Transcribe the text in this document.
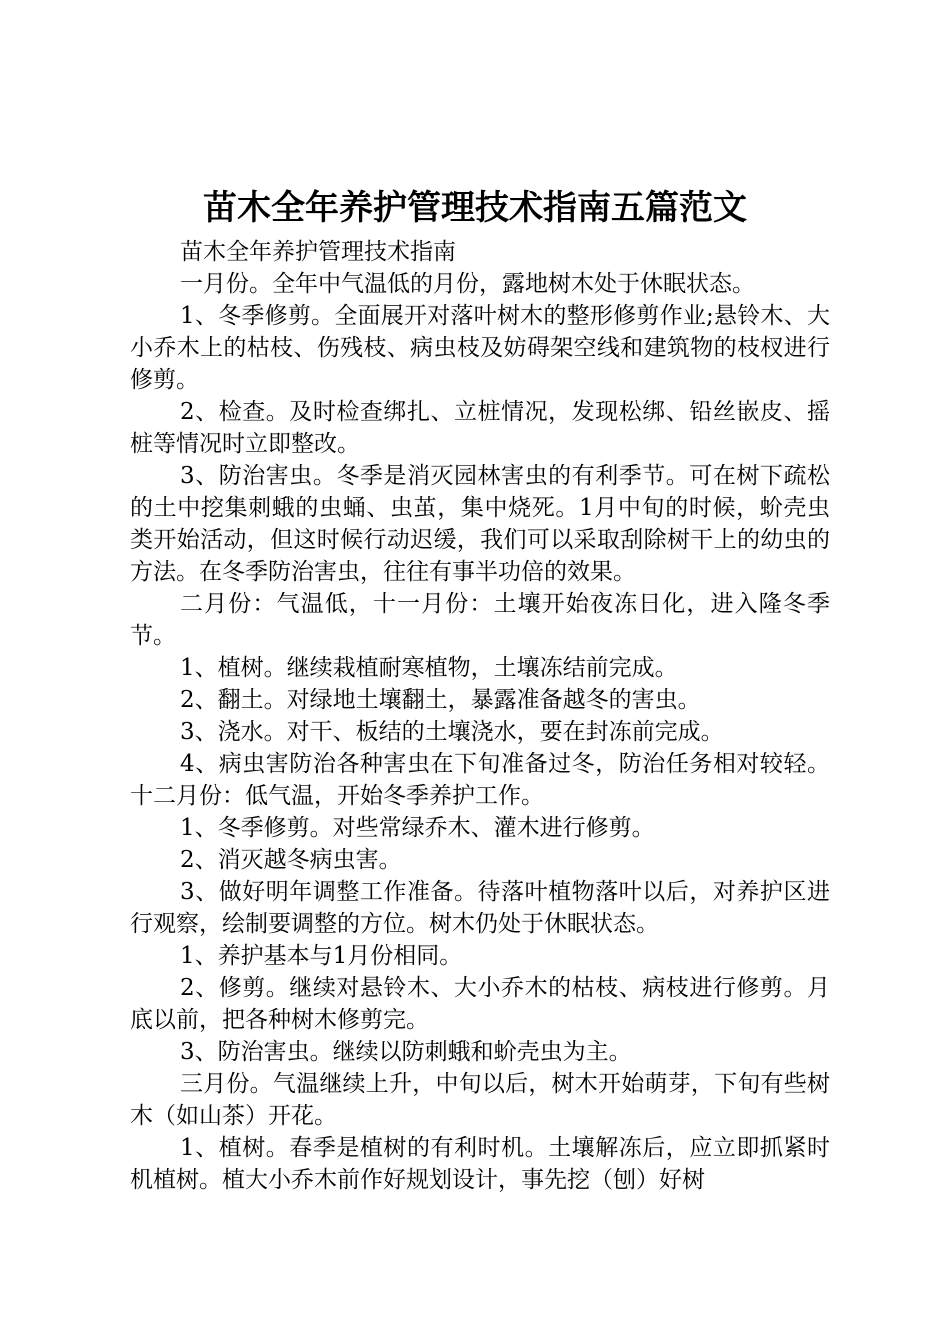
苗木全年养护管理技术指南五篇范文

苗木全年养护管理技术指南

一月份。全年中气温低的月份，露地树木处于休眠状态。

1、冬季修剪。全面展开对落叶树木的整形修剪作业;悬铃木、大小乔木上的枯枝、伤残枝、病虫枝及妨碍架空线和建筑物的枝杈进行修剪。

2、检查。及时检查绑扎、立桩情况，发现松绑、铅丝嵌皮、摇桩等情况时立即整改。

3、防治害虫。冬季是消灭园林害虫的有利季节。可在树下疏松的土中挖集刺蛾的虫蛹、虫茧，集中烧死。1月中旬的时候，蚧壳虫类开始活动，但这时候行动迟缓，我们可以采取刮除树干上的幼虫的方法。在冬季防治害虫，往往有事半功倍的效果。

二月份：气温低，十一月份：土壤开始夜冻日化，进入隆冬季节。

1、植树。继续栽植耐寒植物，土壤冻结前完成。

2、翻土。对绿地土壤翻土，暴露准备越冬的害虫。

3、浇水。对干、板结的土壤浇水，要在封冻前完成。

4、病虫害防治各种害虫在下旬准备过冬，防治任务相对较轻。十二月份：低气温，开始冬季养护工作。

1、冬季修剪。对些常绿乔木、灌木进行修剪。

2、消灭越冬病虫害。

3、做好明年调整工作准备。待落叶植物落叶以后，对养护区进行观察，绘制要调整的方位。树木仍处于休眠状态。

1、养护基本与1月份相同。

2、修剪。继续对悬铃木、大小乔木的枯枝、病枝进行修剪。月底以前，把各种树木修剪完。

3、防治害虫。继续以防刺蛾和蚧壳虫为主。

三月份。气温继续上升，中旬以后，树木开始萌芽，下旬有些树木（如山茶）开花。

1、植树。春季是植树的有利时机。土壤解冻后，应立即抓紧时机植树。植大小乔木前作好规划设计，事先挖（刨）好树
